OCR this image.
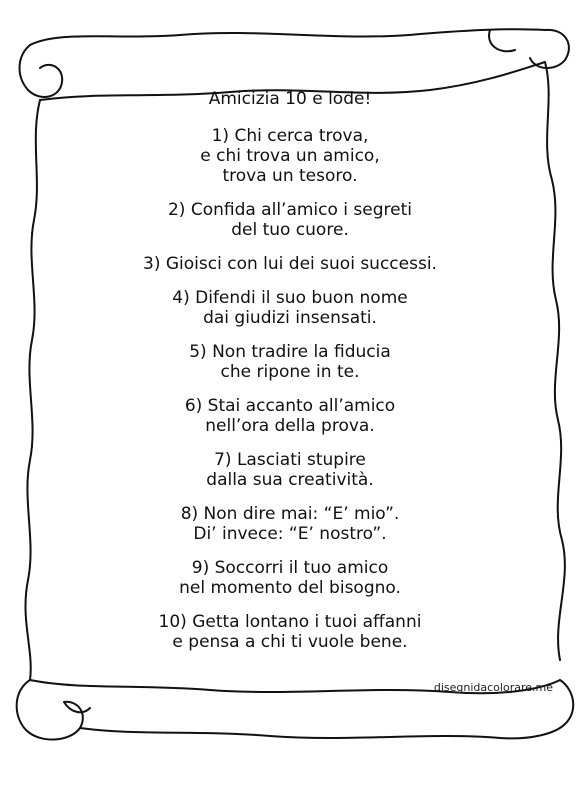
Amicizia 10 e lode!
1) Chi cerca trova,
e chi trova un amico,
trova un tesoro.
2) Confida all’amico i segreti
del tuo cuore.
3) Gioisci con lui dei suoi successi.
4) Difendi il suo buon nome
dai giudizi insensati.
5) Non tradire la fiducia
che ripone in te.
6) Stai accanto all’amico
nell’ora della prova.
7) Lasciati stupire
dalla sua creatività.
8) Non dire mai: “E’ mio”.
Di’ invece: “E’ nostro”.
9) Soccorri il tuo amico
nel momento del bisogno.
10) Getta lontano i tuoi affanni
e pensa a chi ti vuole bene.
disegnidacolorare.me
